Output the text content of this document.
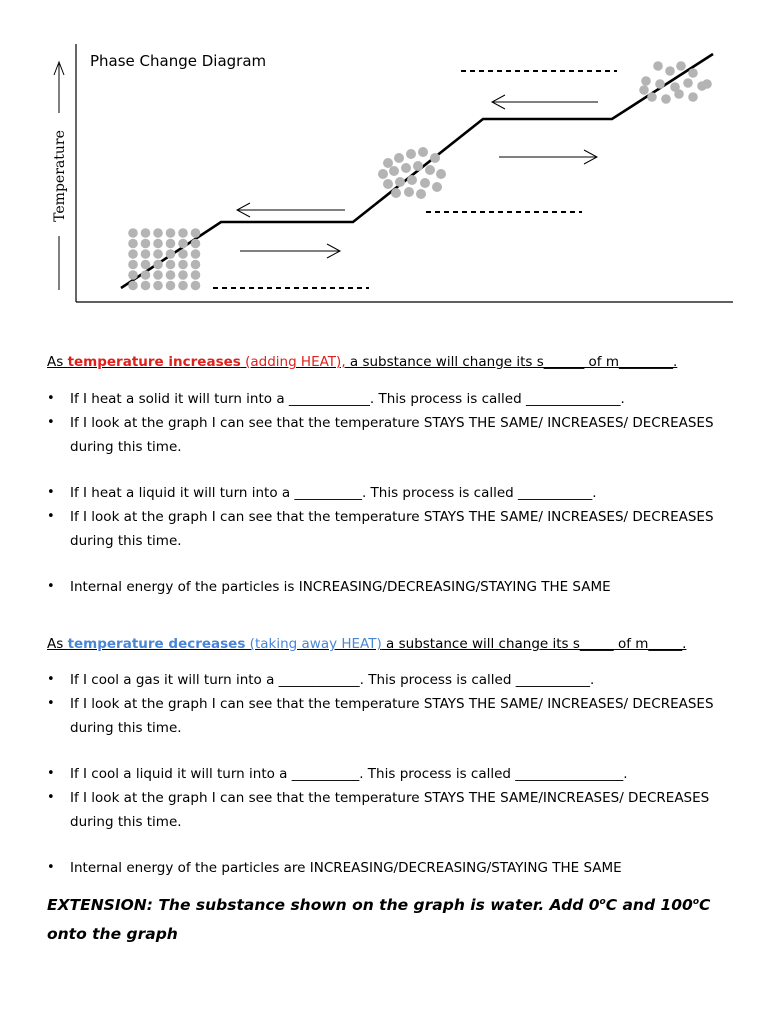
Temperature
Phase Change Diagram
As temperature increases (adding HEAT), a substance will change its s______ of m________.
• If I heat a solid it will turn into a ____________. This process is called ______________.
• If I look at the graph I can see that the temperature STAYS THE SAME/ INCREASES/ DECREASES during this time.
• If I heat a liquid it will turn into a __________. This process is called ___________.
• If I look at the graph I can see that the temperature STAYS THE SAME/ INCREASES/ DECREASES during this time.
• Internal energy of the particles is INCREASING/DECREASING/STAYING THE SAME
As temperature decreases (taking away HEAT) a substance will change its s_____ of m_____.
• If I cool a gas it will turn into a ____________. This process is called ___________.
• If I look at the graph I can see that the temperature STAYS THE SAME/ INCREASES/ DECREASES during this time.
• If I cool a liquid it will turn into a __________. This process is called ________________.
• If I look at the graph I can see that the temperature STAYS THE SAME/INCREASES/ DECREASES during this time.
• Internal energy of the particles are INCREASING/DECREASING/STAYING THE SAME
EXTENSION: The substance shown on the graph is water. Add 0$^o$C and 100$^o$C onto the graph
